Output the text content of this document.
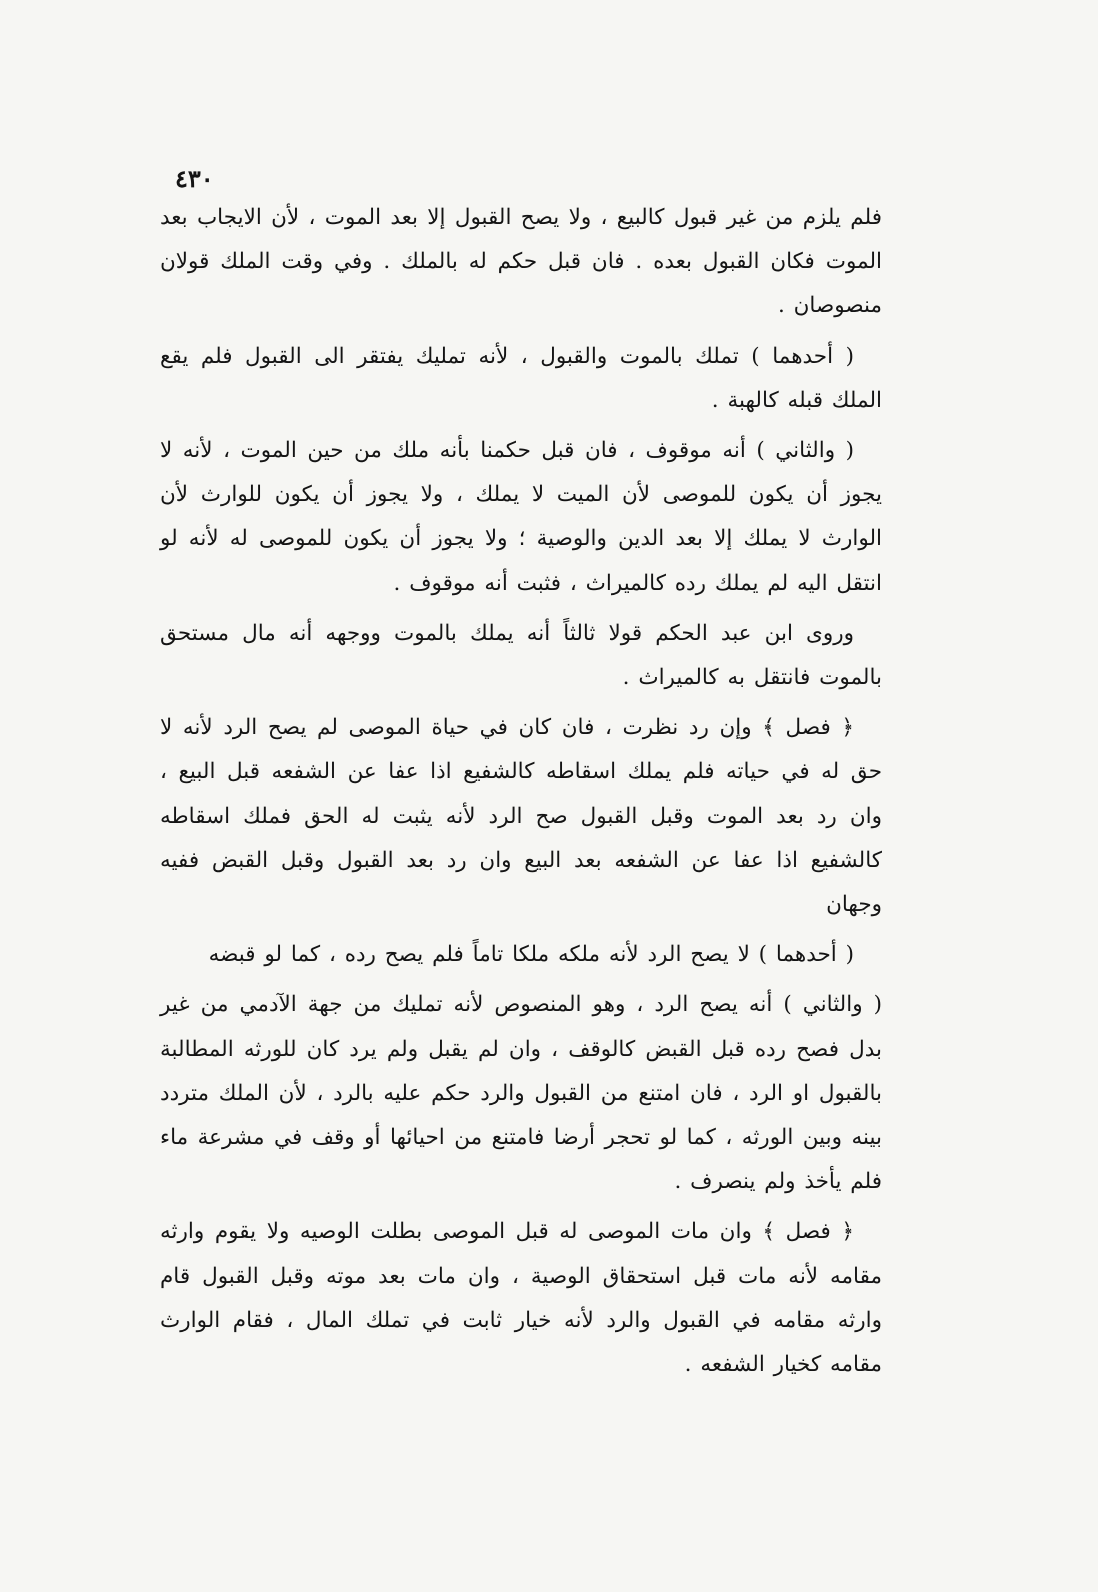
٤٣٠

فلم يلزم من غير قبول كالبيع ، ولا يصح القبول إلا بعد الموت ، لأن الايجاب بعد الموت فكان القبول بعده . فان قبل حكم له بالملك . وفي وقت الملك قولان منصوصان .

( أحدهما ) تملك بالموت والقبول ، لأنه تمليك يفتقر الى القبول فلم يقع الملك قبله كالهبة .

( والثاني ) أنه موقوف ، فان قبل حكمنا بأنه ملك من حين الموت ، لأنه لا يجوز أن يكون للموصى لأن الميت لا يملك ، ولا يجوز أن يكون للوارث لأن الوارث لا يملك إلا بعد الدين والوصية ؛ ولا يجوز أن يكون للموصى له لأنه لو انتقل اليه لم يملك رده كالميراث ، فثبت أنه موقوف .

وروى ابن عبد الحكم قولا ثالثاً أنه يملك بالموت ووجهه أنه مال مستحق بالموت فانتقل به كالميراث .

﴿ فصل ﴾ وإن رد نظرت ، فان كان في حياة الموصى لم يصح الرد لأنه لا حق له في حياته فلم يملك اسقاطه كالشفيع اذا عفا عن الشفعه قبل البيع ، وان رد بعد الموت وقبل القبول صح الرد لأنه يثبت له الحق فملك اسقاطه كالشفيع اذا عفا عن الشفعه بعد البيع وان رد بعد القبول وقبل القبض ففيه وجهان

( أحدهما ) لا يصح الرد لأنه ملكه ملكا تاماً فلم يصح رده ، كما لو قبضه

( والثاني ) أنه يصح الرد ، وهو المنصوص لأنه تمليك من جهة الآدمي من غير بدل فصح رده قبل القبض كالوقف ، وان لم يقبل ولم يرد كان للورثه المطالبة بالقبول او الرد ، فان امتنع من القبول والرد حكم عليه بالرد ، لأن الملك متردد بينه وبين الورثه ، كما لو تحجر أرضا فامتنع من احيائها أو وقف في مشرعة ماء فلم يأخذ ولم ينصرف .

﴿ فصل ﴾ وان مات الموصى له قبل الموصى بطلت الوصيه ولا يقوم وارثه مقامه لأنه مات قبل استحقاق الوصية ، وان مات بعد موته وقبل القبول قام وارثه مقامه في القبول والرد لأنه خيار ثابت في تملك المال ، فقام الوارث مقامه كخيار الشفعه .
